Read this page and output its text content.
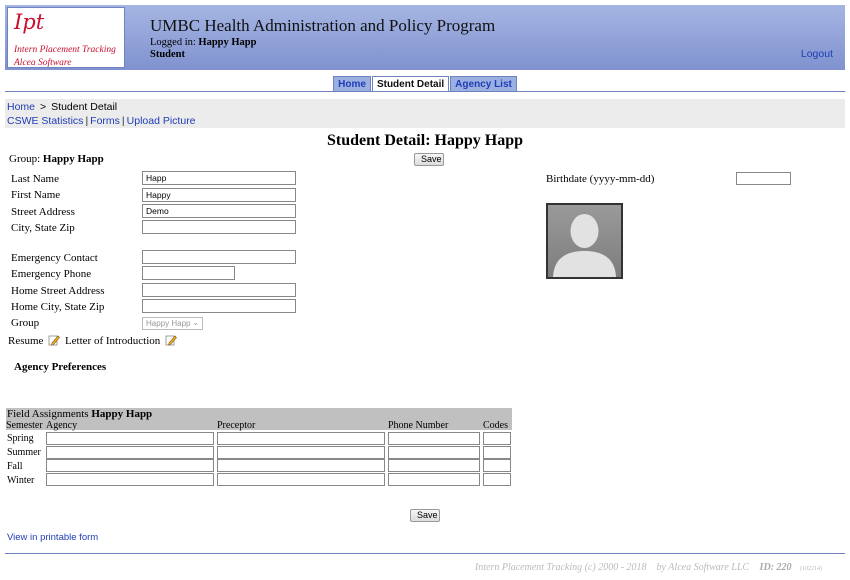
Ipt
Intern Placement Tracking
Alcea Software
UMBC Health Administration and Policy Program
Logged in: Happy Happ
Student	Logout
Home Student Detail Agency List
Home > Student Detail
CSWE Statistics | Forms | Upload Picture
Student Detail: Happy Happ
Group: Happy Happ	Save
Last Name	Happ
First Name	Happy
Street Address	Demo
City, State Zip
Emergency Contact
Emergency Phone
Home Street Address
Home City, State Zip
Group	Happy Happ ⌄
Resume Letter of Introduction
Agency Preferences
Birthdate (yyyy-mm-dd)
Field Assignments Happy Happ
Semester Agency	Preceptor	Phone Number	Codes
Spring
Summer
Fall
Winter
Save
View in printable form
Intern Placement Tracking (c) 2000 - 2018 by Alcea Software LLC ID: 220 (102214)
